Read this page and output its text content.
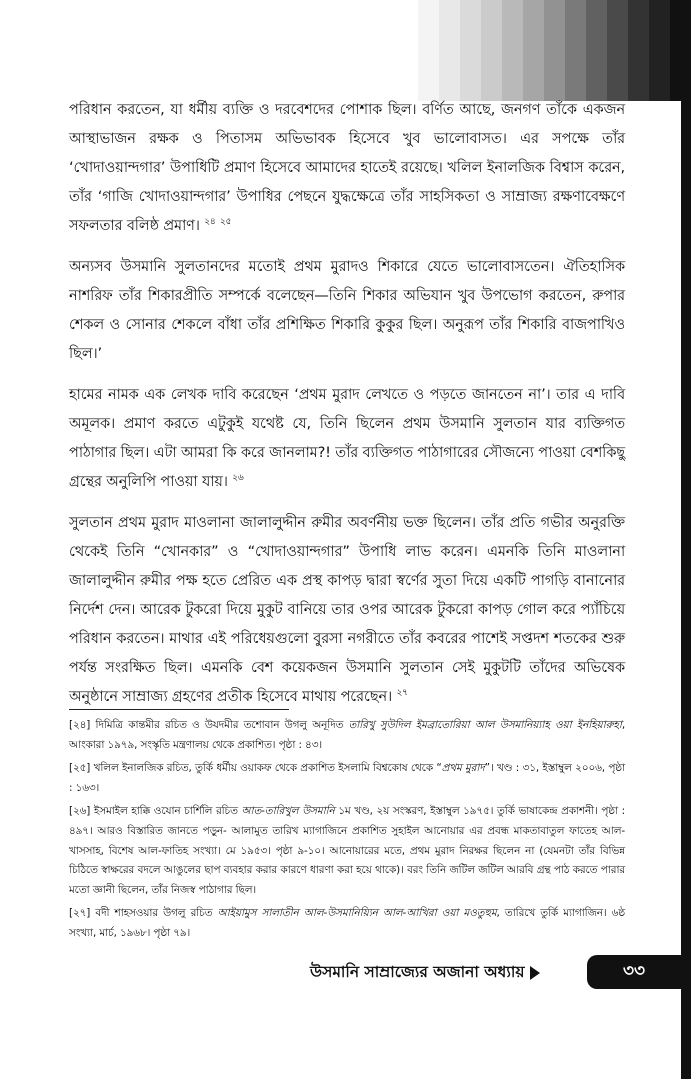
পরিধান করতেন, যা ধর্মীয় ব্যক্তি ও দরবেশদের পোশাক ছিল। বর্ণিত আছে, জনগণ তাঁকে একজন আস্থাভাজন রক্ষক ও পিতাসম অভিভাবক হিসেবে খুব ভালোবাসত। এর সপক্ষে তাঁর ‘খোদাওয়ান্দগার’ উপাধিটি প্রমাণ হিসেবে আমাদের হাতেই রয়েছে। খলিল ইনালজিক বিশ্বাস করেন, তাঁর ‘গাজি খোদাওয়ান্দগার’ উপাধির পেছনে যুদ্ধক্ষেত্রে তাঁর সাহসিকতা ও সাম্রাজ্য রক্ষণাবেক্ষণে সফলতার বলিষ্ঠ প্রমাণ। $^{২৪}$ $^{২৫}$

অন্যসব উসমানি সুলতানদের মতোই প্রথম মুরাদও শিকারে যেতে ভালোবাসতেন। ঐতিহাসিক নাশরিফ তাঁর শিকারপ্রীতি সম্পর্কে বলেছেন—তিনি শিকার অভিযান খুব উপভোগ করতেন, রুপার শেকল ও সোনার শেকলে বাঁধা তাঁর প্রশিক্ষিত শিকারি কুকুর ছিল। অনুরূপ তাঁর শিকারি বাজপাখিও ছিল।’

হামের নামক এক লেখক দাবি করেছেন ‘প্রথম মুরাদ লেখতে ও পড়তে জানতেন না’। তার এ দাবি অমূলক। প্রমাণ করতে এটুকুই যথেষ্ট যে, তিনি ছিলেন প্রথম উসমানি সুলতান যার ব্যক্তিগত পাঠাগার ছিল। এটা আমরা কি করে জানলাম?! তাঁর ব্যক্তিগত পাঠাগারের সৌজন্যে পাওয়া বেশকিছু গ্রন্থের অনুলিপি পাওয়া যায়। $^{২৬}$

সুলতান প্রথম মুরাদ মাওলানা জালালুদ্দীন রুমীর অবর্ণনীয় ভক্ত ছিলেন। তাঁর প্রতি গভীর অনুরক্তি থেকেই তিনি “খোনকার” ও “খোদাওয়ান্দগার” উপাধি লাভ করেন। এমনকি তিনি মাওলানা জালালুদ্দীন রুমীর পক্ষ হতে প্রেরিত এক প্রস্থ কাপড় দ্বারা স্বর্ণের সুতা দিয়ে একটি পাগড়ি বানানোর নির্দেশ দেন। আরেক টুকরো দিয়ে মুকুট বানিয়ে তার ওপর আরেক টুকরো কাপড় গোল করে প্যাঁচিয়ে পরিধান করতেন। মাথার এই পরিধেয়গুলো বুরসা নগরীতে তাঁর কবরের পাশেই সপ্তদশ শতকের শুরু পর্যন্ত সংরক্ষিত ছিল। এমনকি বেশ কয়েকজন উসমানি সুলতান সেই মুকুটটি তাঁদের অভিষেক অনুষ্ঠানে সাম্রাজ্য গ্রহণের প্রতীক হিসেবে মাথায় পরেছেন। $^{২৭}$

[২৪] দিমিত্রি কান্তমীর রচিত ও উযদমীর তশোবান উগলু অনূদিত তারিখু সুউদিল ইমব্রাতোরিয়া আল উসমানিয়্যাহ ওয়া ইনহিয়ারুহা, আংকারা ১৯৭৯, সংস্কৃতি মন্ত্রণালয় থেকে প্রকাশিত। পৃষ্ঠা : ৪৩।

[২৫] খলিল ইনালজিক রচিত, তুর্কি ধর্মীয় ওয়াকফ থেকে প্রকাশিত ইসলামি বিশ্বকোষ থেকে “প্রথম মুরাদ”। খণ্ড : ৩১, ইস্তাম্বুল ২০০৬, পৃষ্ঠা : ১৬৩।

[২৬] ইসমাইল হাক্কি ওযোন চার্শিলি রচিত আত-তারিখুল উসমানি ১ম খণ্ড, ২য় সংস্করণ, ইস্তাম্বুল ১৯৭৫। তুর্কি ভাষাকেন্দ্র প্রকাশনী। পৃষ্ঠা : ৪৯৭। আরও বিস্তারিত জানতে পড়ুন- আলামুত তারিখ ম্যাগাজিনে প্রকাশিত সুহাইল আনোয়ার এর প্রবন্ধ মাকতাবাতুল ফাতেহ আল-খাসসাহ, বিশেষ আল-ফাতিহ সংখ্যা। মে ১৯৫৩। পৃষ্ঠা ৯-১০। আনোয়ারের মতে, প্রথম মুরাদ নিরক্ষর ছিলেন না (যেমনটা তাঁর বিভিন্ন চিঠিতে স্বাক্ষরের বদলে আঙুলের ছাপ ব্যবহার করার কারণে ধারণা করা হয়ে থাকে)। বরং তিনি জটিল জটিল আরবি গ্রন্থ পাঠ করতে পারার মতো জ্ঞানী ছিলেন, তাঁর নিজস্ব পাঠাগার ছিল।

[২৭] বদী শাহসওয়ার উগলু রচিত আইয়ামুস সালাতীন আল-উসমানিয়্যিন আল-আখিরা ওয়া মওতুহুম, তারিখে তুর্কি ম্যাগাজিন। ৬ষ্ঠ সংখ্যা, মার্চ, ১৯৬৮। পৃষ্ঠা ৭৯।

উসমানি সাম্রাজ্যের অজানা অধ্যায়	৩৩
